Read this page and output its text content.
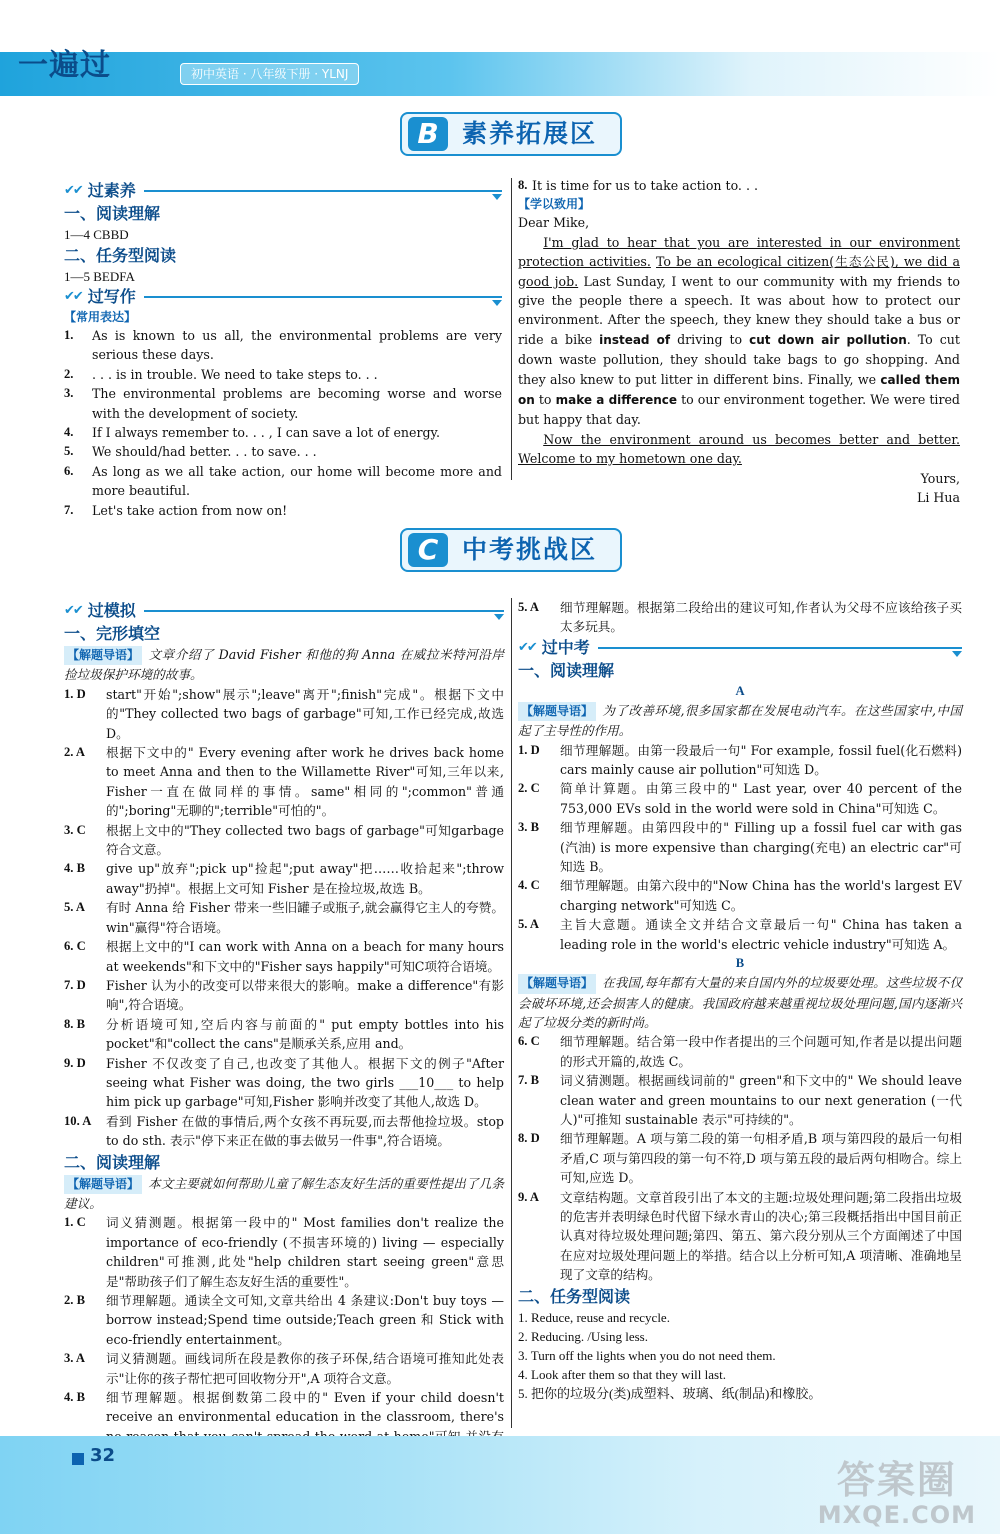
一遍过	初中英语 · 八年级下册 · YLNJ
B 素养拓展区
✔✔ 过素养
一、阅读理解
1—4 CBBD
二、任务型阅读
1—5 BEDFA
✔✔ 过写作
【常用表达】
1.	As is known to us all, the environmental problems are very serious these days.
2.	. . . is in trouble. We need to take steps to. . .
3.	The environmental problems are becoming worse and worse with the development of society.
4.	If I always remember to. . . , I can save a lot of energy.
5.	We should/had better. . . to save. . .
6.	As long as we all take action, our home will become more and more beautiful.
7.	Let's take action from now on!
8. It is time for us to take action to. . .
【学以致用】
Dear Mike,

I'm glad to hear that you are interested in our environment protection activities. To be an ecological citizen(生态公民), we did a good job. Last Sunday, I went to our community with my friends to give the people there a speech. It was about how to protect our environment. After the speech, they knew they should take a bus or ride a bike instead of driving to cut down air pollution. To cut down waste pollution, they should take bags to go shopping. And they also knew to put litter in different bins. Finally, we called them on to make a difference to our environment together. We were tired but happy that day.

Now the environment around us becomes better and better. Welcome to my hometown one day.

Yours,
Li Hua
C 中考挑战区
✔✔ 过模拟
一、完形填空
【解题导语】 文章介绍了 David Fisher 和他的狗 Anna 在威拉米特河沿岸捡垃圾保护环境的故事。
1. D	start"开始";show"展示";leave"离开";finish"完成"。根据下文中的"They collected two bags of garbage"可知,工作已经完成,故选 D。
2. A	根据下文中的" Every evening after work he drives back home to meet Anna and then to the Willamette River"可知,三年以来, Fisher一直在做同样的事情。same"相同的";common"普通的";boring"无聊的";terrible"可怕的"。
3. C	根据上文中的"They collected two bags of garbage"可知garbage符合文意。
4. B	give up"放弃";pick up"捡起";put away"把……收拾起来";throw away"扔掉"。根据上文可知 Fisher 是在捡垃圾,故选 B。
5. A	有时 Anna 给 Fisher 带来一些旧罐子或瓶子,就会赢得它主人的夸赞。win"赢得"符合语境。
6. C	根据上文中的"I can work with Anna on a beach for many hours at weekends"和下文中的"Fisher says happily"可知C项符合语境。
7. D	Fisher 认为小的改变可以带来很大的影响。make a difference"有影响",符合语境。
8. B	分析语境可知,空后内容与前面的" put empty bottles into his pocket"和"collect the cans"是顺承关系,应用 and。
9. D	Fisher 不仅改变了自己,也改变了其他人。根据下文的例子"After seeing what Fisher was doing, the two girls ___10___ to help him pick up garbage"可知,Fisher 影响并改变了其他人,故选 D。
10. A	看到 Fisher 在做的事情后,两个女孩不再玩耍,而去帮他捡垃圾。stop to do sth. 表示"停下来正在做的事去做另一件事",符合语境。
二、阅读理解
【解题导语】 本文主要就如何帮助儿童了解生态友好生活的重要性提出了几条建议。
1. C	词义猜测题。根据第一段中的" Most families don't realize the importance of eco-friendly (不损害环境的) living — especially children"可推测,此处"help children start seeing green"意思是"帮助孩子们了解生态友好生活的重要性"。
2. B	细节理解题。通读全文可知,文章共给出 4 条建议:Don't buy toys — borrow instead;Spend time outside;Teach green 和 Stick with eco-friendly entertainment。
3. A	词义猜测题。画线词所在段是教你的孩子环保,结合语境可推知此处表示"让你的孩子帮忙把可回收物分开",A 项符合文意。
4. B	细节理解题。根据倒数第二段中的" Even if your child doesn't receive an environmental education in the classroom, there's
5. A	细节理解题。根据第二段给出的建议可知,作者认为父母不应该给孩子买太多玩具。
✔✔ 过中考
一、阅读理解
A
【解题导语】 为了改善环境,很多国家都在发展电动汽车。在这些国家中,中国起了主导性的作用。
1. D	细节理解题。由第一段最后一句" For example, fossil fuel(化石燃料) cars mainly cause air pollution"可知选 D。
2. C	简单计算题。由第三段中的" Last year, over 40 percent of the 753,000 EVs sold in the world were sold in China"可知选 C。
3. B	细节理解题。由第四段中的" Filling up a fossil fuel car with gas (汽油) is more expensive than charging(充电) an electric car"可知选 B。
4. C	细节理解题。由第六段中的"Now China has the world's largest EV charging network"可知选 C。
5. A	主旨大意题。通读全文并结合文章最后一句" China has taken a leading role in the world's electric vehicle industry"可知选 A。
B
【解题导语】 在我国,每年都有大量的来自国内外的垃圾要处理。这些垃圾不仅会破坏环境,还会损害人的健康。我国政府越来越重视垃圾处理问题,国内逐渐兴起了垃圾分类的新时尚。
6. C	细节理解题。结合第一段中作者提出的三个问题可知,作者是以提出问题的形式开篇的,故选 C。
7. B	词义猜测题。根据画线词前的" green"和下文中的" We should leave clean water and green mountains to our next generation (一代人)"可推知 sustainable 表示"可持续的"。
8. D	细节理解题。A 项与第二段的第一句相矛盾,B 项与第四段的最后一句相矛盾,C 项与第四段的第一句不符,D 项与第五段的最后两句相吻合。综上可知,应选 D。
9. A	文章结构题。文章首段引出了本文的主题:垃圾处理问题;第二段指出垃圾的危害并表明绿色时代留下绿水青山的决心;第三段概括指出中国目前正认真对待垃圾处理问题;第四、第五、第六段分别从三个方面阐述了中国在应对垃圾处理问题上的举措。结合以上分析可知,A 项清晰、准确地呈现了文章的结构。
二、任务型阅读
1. Reduce, reuse and recycle.
2. Reducing. /Using less.
3. Turn off the lights when you do not need them.
4. Look after them so that they will last.
5. 把你的垃圾分(类)成塑料、玻璃、纸(制品)和橡胶。
32
答案圈
MXQE.COM
